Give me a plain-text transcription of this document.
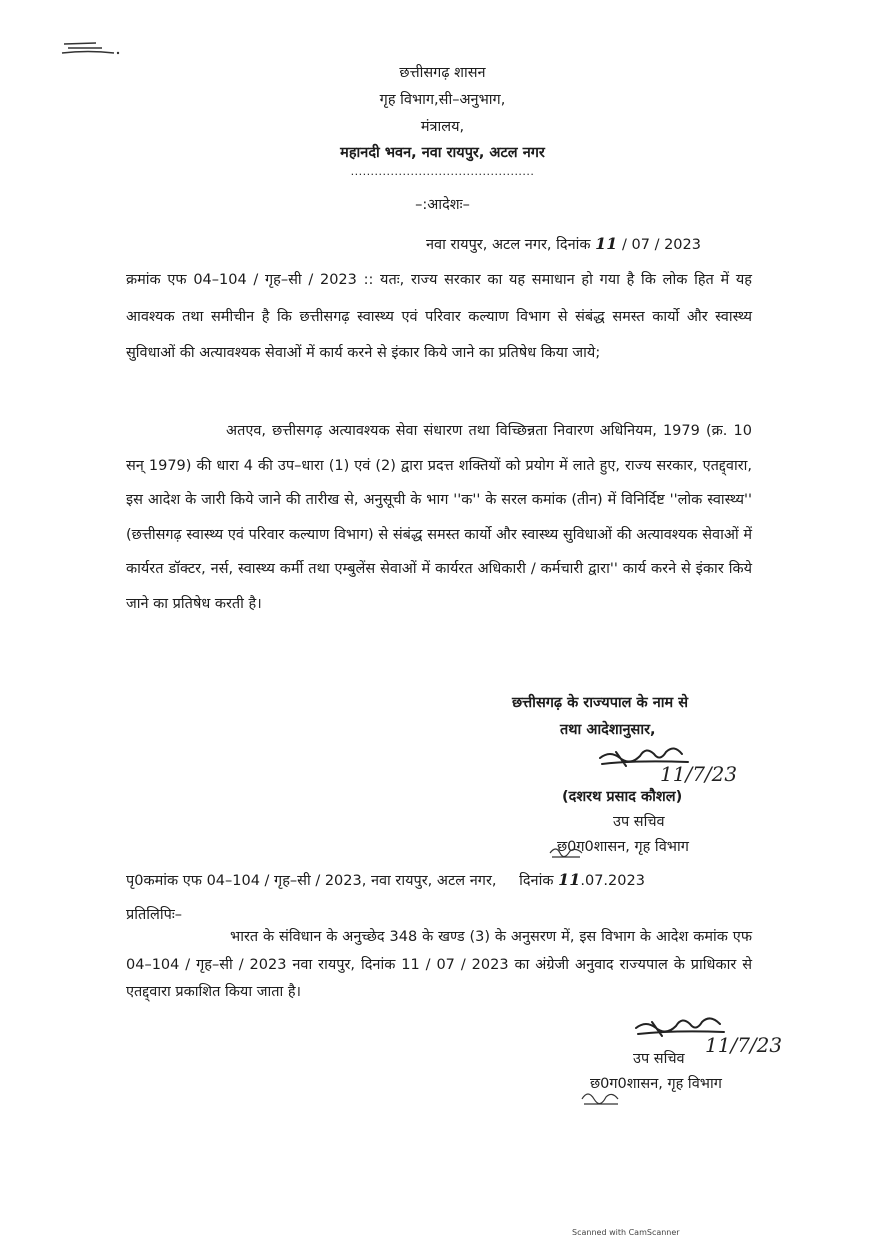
छत्तीसगढ़ शासन
गृह विभाग,सी–अनुभाग,
मंत्रालय,
महानदी भवन, नवा रायपुर, अटल नगर
..............................................
–:आदेशः–
नवा रायपुर, अटल नगर, दिनांक 11 / 07 / 2023
क्रमांक एफ 04–104 / गृह–सी / 2023 :: यतः, राज्य सरकार का यह समाधान हो गया है कि लोक हित में यह आवश्यक तथा समीचीन है कि छत्तीसगढ़ स्वास्थ्य एवं परिवार कल्याण विभाग से संबंद्ध समस्त कार्यो और स्वास्थ्य सुविधाओं की अत्यावश्यक सेवाओं में कार्य करने से इंकार किये जाने का प्रतिषेध किया जाये;
अतएव, छत्तीसगढ़ अत्यावश्यक सेवा संधारण तथा विच्छिन्नता निवारण अधिनियम, 1979 (क्र. 10 सन् 1979) की धारा 4 की उप–धारा (1) एवं (2) द्वारा प्रदत्त शक्तियों को प्रयोग में लाते हुए, राज्य सरकार, एतद्द्वारा, इस आदेश के जारी किये जाने की तारीख से, अनुसूची के भाग ''क'' के सरल कमांक (तीन) में विनिर्दिष्ट ''लोक स्वास्थ्य'' (छत्तीसगढ़ स्वास्थ्य एवं परिवार कल्याण विभाग) से संबंद्ध समस्त कार्यो और स्वास्थ्य सुविधाओं की अत्यावश्यक सेवाओं में कार्यरत डॉक्टर, नर्स, स्वास्थ्य कर्मी तथा एम्बुलेंस सेवाओं में कार्यरत अधिकारी / कर्मचारी द्वारा'' कार्य करने से इंकार किये जाने का प्रतिषेध करती है।
छत्तीसगढ़ के राज्यपाल के नाम से
तथा आदेशानुसार,
11/7/23
(दशरथ प्रसाद कौशल)
उप सचिव
छ0ग0शासन, गृह विभाग
पृ0कमांक एफ 04–104 / गृह–सी / 2023, नवा रायपुर, अटल नगर, दिनांक 11.07.2023
प्रतिलिपिः–
भारत के संविधान के अनुच्छेद 348 के खण्ड (3) के अनुसरण में, इस विभाग के आदेश कमांक एफ 04–104 / गृह–सी / 2023 नवा रायपुर, दिनांक 11 / 07 / 2023 का अंग्रेजी अनुवाद राज्यपाल के प्राधिकार से एतद्द्वारा प्रकाशित किया जाता है।
11/7/23
उप सचिव
छ0ग0शासन, गृह विभाग
Scanned with CamScanner
